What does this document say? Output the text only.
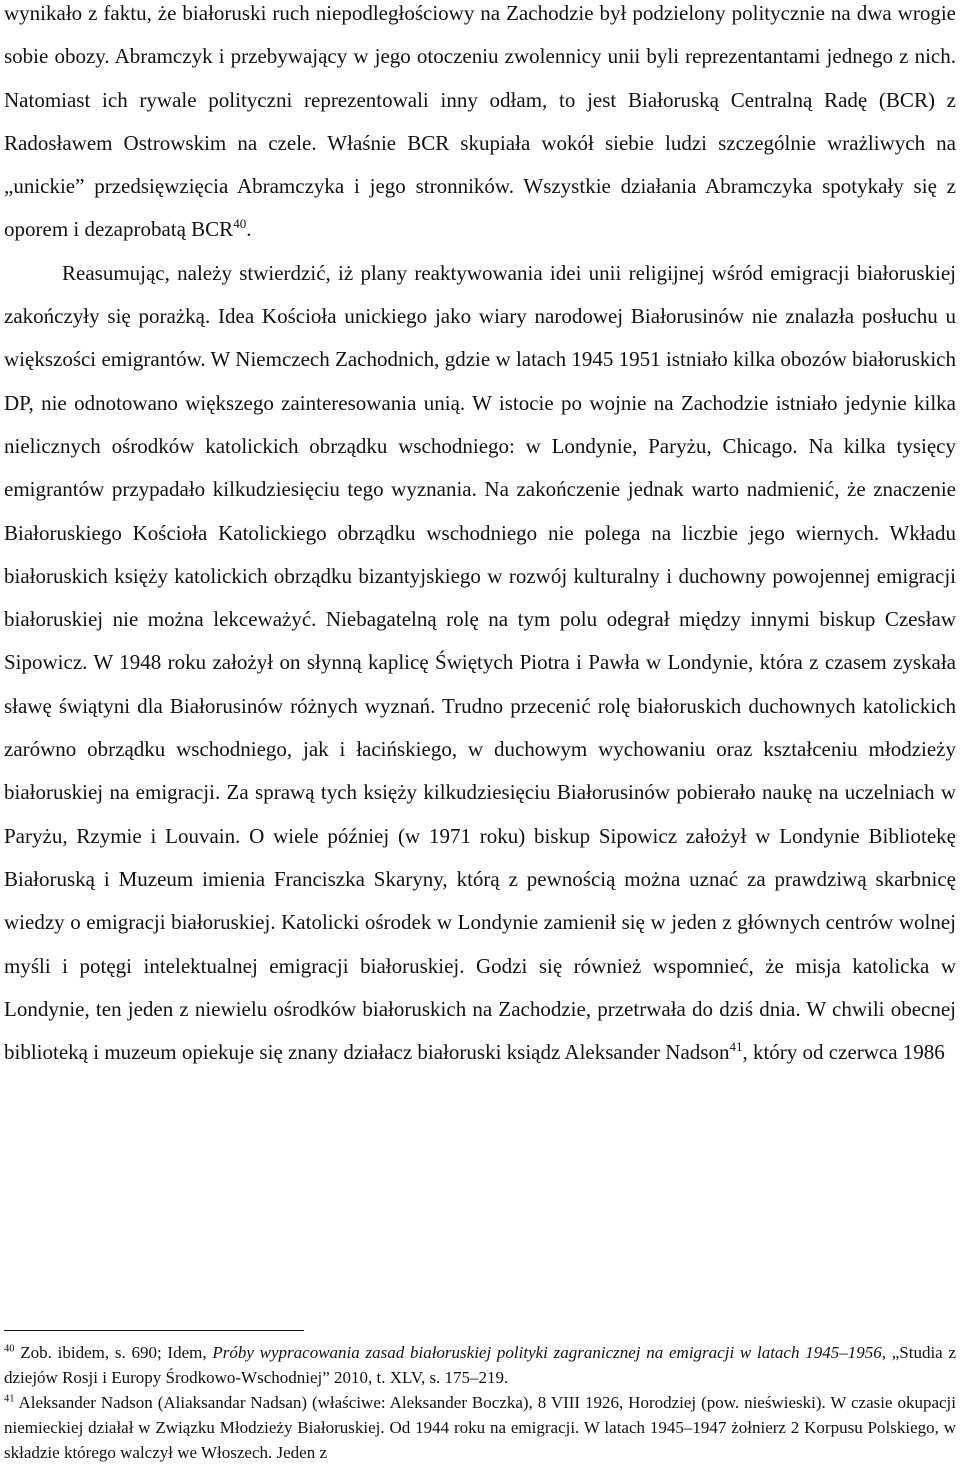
wynikało z faktu, że białoruski ruch niepodległościowy na Zachodzie był podzielony politycznie na dwa wrogie sobie obozy. Abramczyk i przebywający w jego otoczeniu zwolennicy unii byli reprezentantami jednego z nich. Natomiast ich rywale polityczni reprezentowali inny odłam, to jest Białoruską Centralną Radę (BCR) z Radosławem Ostrowskim na czele. Właśnie BCR skupiała wokół siebie ludzi szczególnie wrażliwych na „unickie” przedsięwzięcia Abramczyka i jego stronników. Wszystkie działania Abramczyka spotykały się z oporem i dezaprobatą BCR$^{40}$.

Reasumując, należy stwierdzić, iż plany reaktywowania idei unii religijnej wśród emigracji białoruskiej zakończyły się porażką. Idea Kościoła unickiego jako wiary narodowej Białorusinów nie znalazła posłuchu u większości emigrantów. W Niemczech Zachodnich, gdzie w latach 1945 1951 istniało kilka obozów białoruskich DP, nie odnotowano większego zainteresowania unią. W istocie po wojnie na Zachodzie istniało jedynie kilka nielicznych ośrodków katolickich obrządku wschodniego: w Londynie, Paryżu, Chicago. Na kilka tysięcy emigrantów przypadało kilkudziesięciu tego wyznania. Na zakończenie jednak warto nadmienić, że znaczenie Białoruskiego Kościoła Katolickiego obrządku wschodniego nie polega na liczbie jego wiernych. Wkładu białoruskich księży katolickich obrządku bizantyjskiego w rozwój kulturalny i duchowny powojennej emigracji białoruskiej nie można lekceważyć. Niebagatelną rolę na tym polu odegrał między innymi biskup Czesław Sipowicz. W 1948 roku założył on słynną kaplicę Świętych Piotra i Pawła w Londynie, która z czasem zyskała sławę świątyni dla Białorusinów różnych wyznań. Trudno przecenić rolę białoruskich duchownych katolickich zarówno obrządku wschodniego, jak i łacińskiego, w duchowym wychowaniu oraz kształceniu młodzieży białoruskiej na emigracji. Za sprawą tych księży kilkudziesięciu Białorusinów pobierało naukę na uczelniach w Paryżu, Rzymie i Louvain. O wiele później (w 1971 roku) biskup Sipowicz założył w Londynie Bibliotekę Białoruską i Muzeum imienia Franciszka Skaryny, którą z pewnością można uznać za prawdziwą skarbnicę wiedzy o emigracji białoruskiej. Katolicki ośrodek w Londynie zamienił się w jeden z głównych centrów wolnej myśli i potęgi intelektualnej emigracji białoruskiej. Godzi się również wspomnieć, że misja katolicka w Londynie, ten jeden z niewielu ośrodków białoruskich na Zachodzie, przetrwała do dziś dnia. W chwili obecnej biblioteką i muzeum opiekuje się znany działacz białoruski ksiądz Aleksander Nadson$^{41}$, który od czerwca 1986

$^{40}$ Zob. ibidem, s. 690; Idem, Próby wypracowania zasad białoruskiej polityki zagranicznej na emigracji w latach 1945–1956, „Studia z dziejów Rosji i Europy Środkowo-Wschodniej” 2010, t. XLV, s. 175–219.

$^{41}$ Aleksander Nadson (Aliaksandar Nadsan) (właściwe: Aleksander Boczka), 8 VIII 1926, Horodziej (pow. nieświeski). W czasie okupacji niemieckiej działał w Związku Młodzieży Białoruskiej. Od 1944 roku na emigracji. W latach 1945–1947 żołnierz 2 Korpusu Polskiego, w składzie którego walczył we Włoszech. Jeden z
